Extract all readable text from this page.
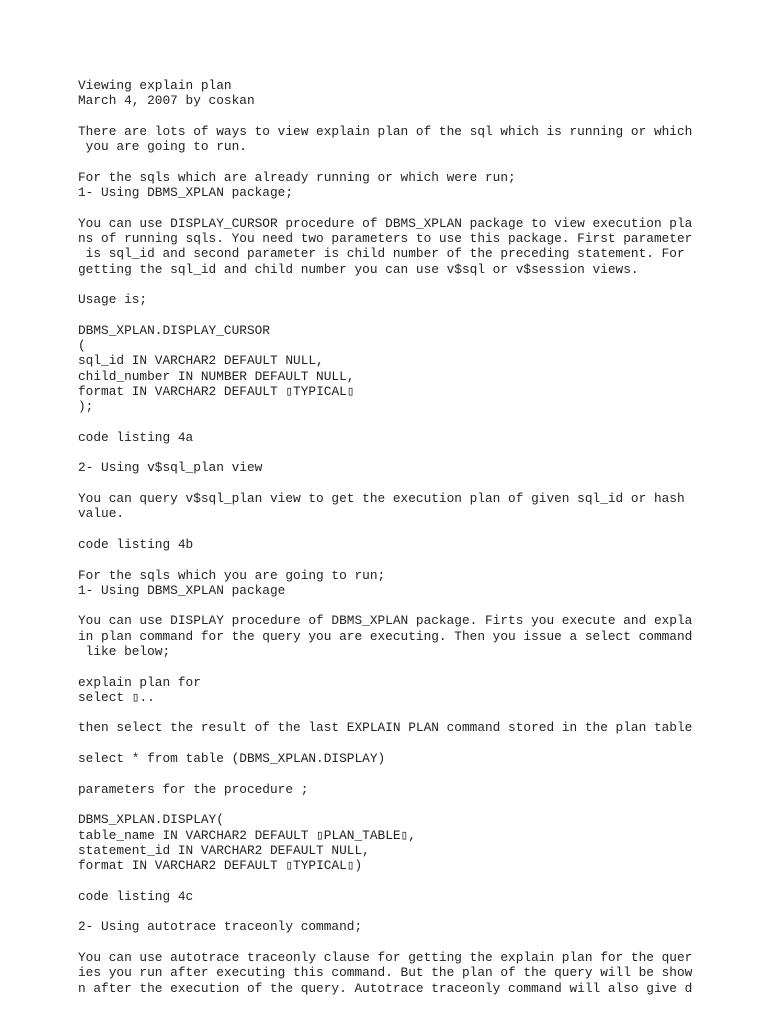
Viewing explain plan
March 4, 2007 by coskan
There are lots of ways to view explain plan of the sql which is running or which
you are going to run.
For the sqls which are already running or which were run;
1- Using DBMS_XPLAN package;
You can use DISPLAY_CURSOR procedure of DBMS_XPLAN package to view execution pla
ns of running sqls. You need two parameters to use this package. First parameter
is sql_id and second parameter is child number of the preceding statement. For
getting the sql_id and child number you can use v$sql or v$session views.
Usage is;
DBMS_XPLAN.DISPLAY_CURSOR
(
sql_id IN VARCHAR2 DEFAULT NULL,
child_number IN NUMBER DEFAULT NULL,
format IN VARCHAR2 DEFAULT ▯TYPICAL▯
);
code listing 4a
2- Using v$sql_plan view
You can query v$sql_plan view to get the execution plan of given sql_id or hash
value.
code listing 4b
For the sqls which you are going to run;
1- Using DBMS_XPLAN package
You can use DISPLAY procedure of DBMS_XPLAN package. Firts you execute and expla
in plan command for the query you are executing. Then you issue a select command
like below;
explain plan for
select ▯..
then select the result of the last EXPLAIN PLAN command stored in the plan table
select * from table (DBMS_XPLAN.DISPLAY)
parameters for the procedure ;
DBMS_XPLAN.DISPLAY(
table_name IN VARCHAR2 DEFAULT ▯PLAN_TABLE▯,
statement_id IN VARCHAR2 DEFAULT NULL,
format IN VARCHAR2 DEFAULT ▯TYPICAL▯)
code listing 4c
2- Using autotrace traceonly command;
You can use autotrace traceonly clause for getting the explain plan for the quer
ies you run after executing this command. But the plan of the query will be show
n after the execution of the query. Autotrace traceonly command will also give d
